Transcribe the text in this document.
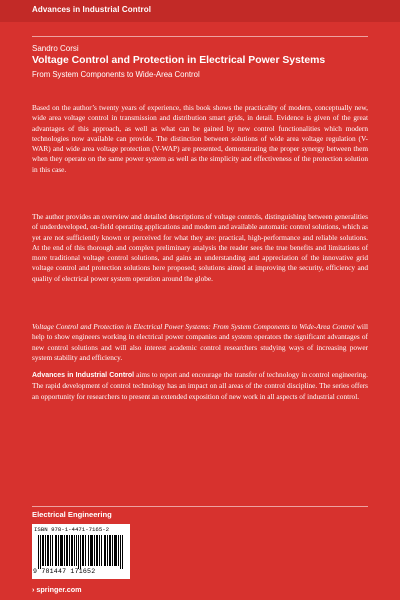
Advances in Industrial Control
Sandro Corsi
Voltage Control and Protection in Electrical Power Systems
From System Components to Wide-Area Control

Based on the author’s twenty years of experience, this book shows the practicality of modern, conceptually new, wide area voltage control in transmission and distribution smart grids, in detail. Evidence is given of the great advantages of this approach, as well as what can be gained by new control functionalities which modern technologies now available can provide. The distinction between solutions of wide area voltage regulation (V-WAR) and wide area voltage protection (V-WAP) are presented, demonstrating the proper synergy between them when they operate on the same power system as well as the simplicity and effectiveness of the protection solution in this case.

The author provides an overview and detailed descriptions of voltage controls, distinguishing between generalities of underdeveloped, on-field operating applications and modern and available automatic control solutions, which as yet are not sufficiently known or perceived for what they are: practical, high-performance and reliable solutions. At the end of this thorough and complex preliminary analysis the reader sees the true benefits and limitations of more traditional voltage control solutions, and gains an understanding and appreciation of the innovative grid voltage control and protection solutions here proposed; solutions aimed at improving the security, efficiency and quality of electrical power system operation around the globe.

Voltage Control and Protection in Electrical Power Systems: From System Components to Wide-Area Control will help to show engineers working in electrical power companies and system operators the significant advantages of new control solutions and will also interest academic control researchers studying ways of increasing power system stability and efficiency.

Advances in Industrial Control aims to report and encourage the transfer of technology in control engineering. The rapid development of control technology has an impact on all areas of the control discipline. The series offers an opportunity for researchers to present an extended exposition of new work in all aspects of industrial control.

Electrical Engineering
ISBN 978-1-4471-7165-2
9 781447 171652
› springer.com
